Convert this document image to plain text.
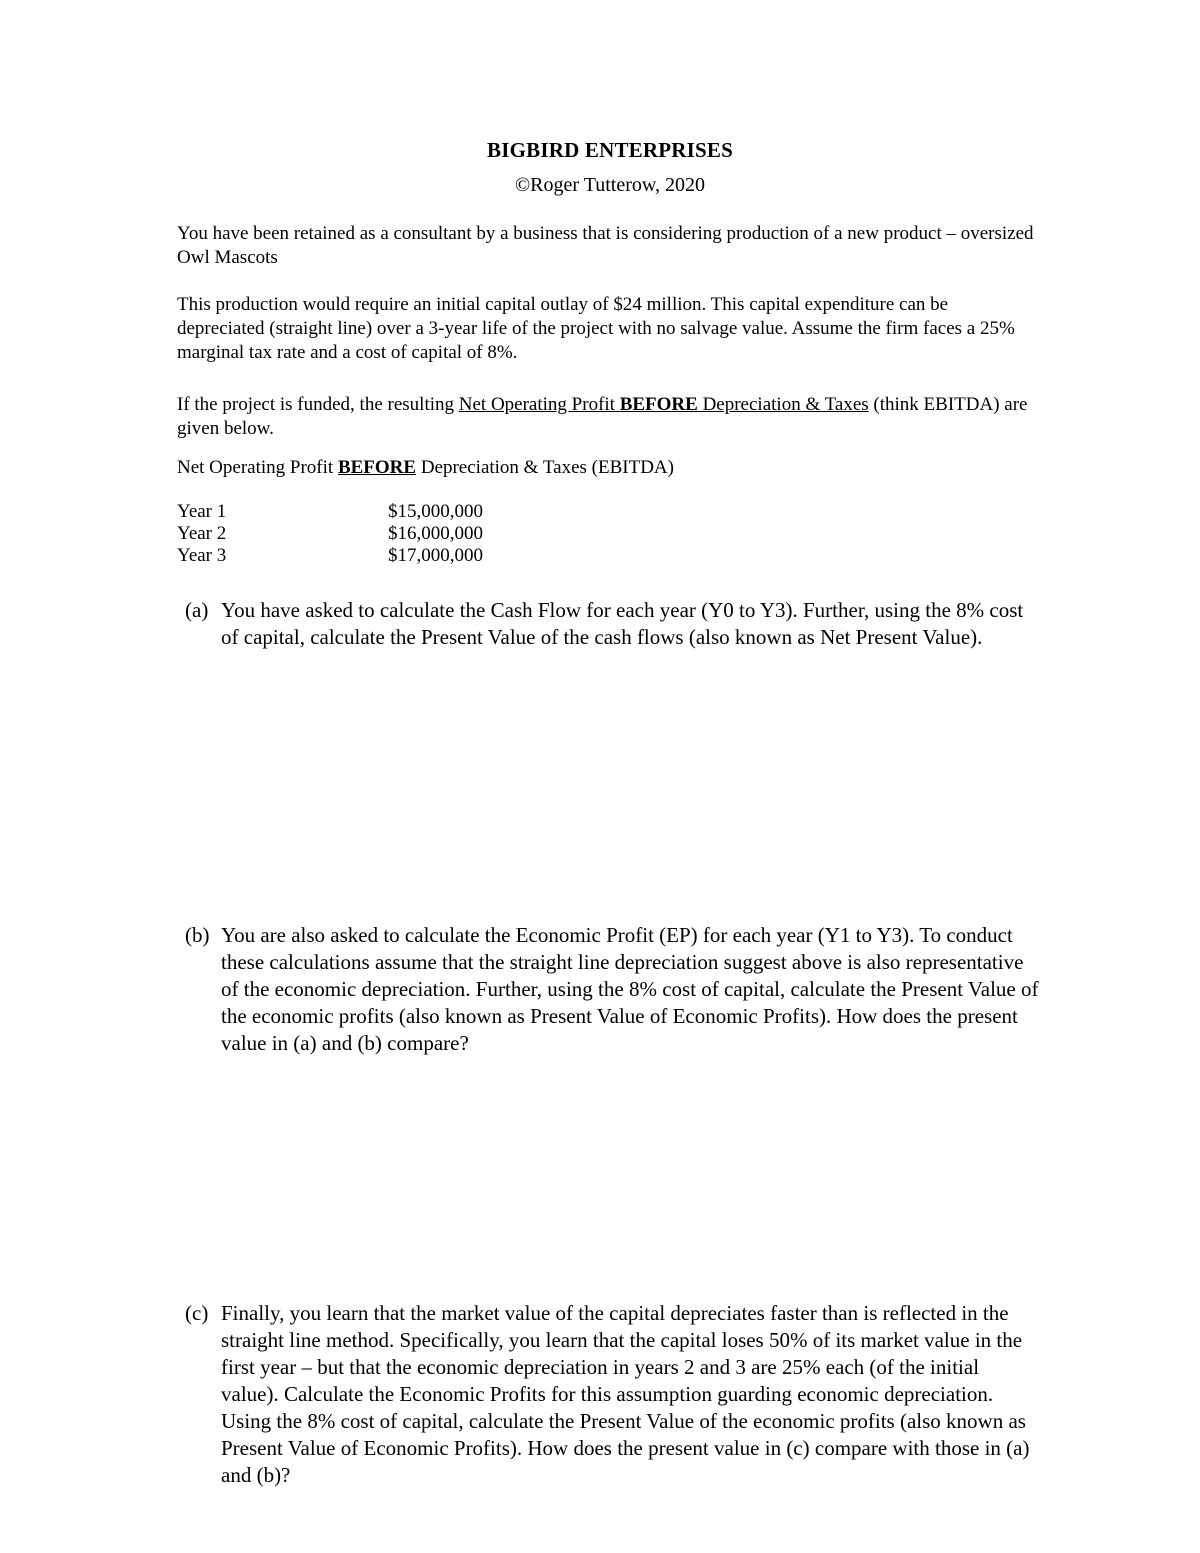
BIGBIRD ENTERPRISES
©Roger Tutterow, 2020
You have been retained as a consultant by a business that is considering production of a new product – oversized Owl Mascots
This production would require an initial capital outlay of $24 million. This capital expenditure can be depreciated (straight line) over a 3-year life of the project with no salvage value. Assume the firm faces a 25% marginal tax rate and a cost of capital of 8%.
If the project is funded, the resulting Net Operating Profit BEFORE Depreciation & Taxes (think EBITDA) are given below.
Net Operating Profit BEFORE Depreciation & Taxes (EBITDA)
Year 1	$15,000,000
Year 2	$16,000,000
Year 3	$17,000,000
(a) You have asked to calculate the Cash Flow for each year (Y0 to Y3). Further, using the 8% cost of capital, calculate the Present Value of the cash flows (also known as Net Present Value).
(b) You are also asked to calculate the Economic Profit (EP) for each year (Y1 to Y3). To conduct these calculations assume that the straight line depreciation suggest above is also representative of the economic depreciation. Further, using the 8% cost of capital, calculate the Present Value of the economic profits (also known as Present Value of Economic Profits). How does the present value in (a) and (b) compare?
(c) Finally, you learn that the market value of the capital depreciates faster than is reflected in the straight line method. Specifically, you learn that the capital loses 50% of its market value in the first year – but that the economic depreciation in years 2 and 3 are 25% each (of the initial value). Calculate the Economic Profits for this assumption guarding economic depreciation. Using the 8% cost of capital, calculate the Present Value of the economic profits (also known as Present Value of Economic Profits). How does the present value in (c) compare with those in (a) and (b)?
